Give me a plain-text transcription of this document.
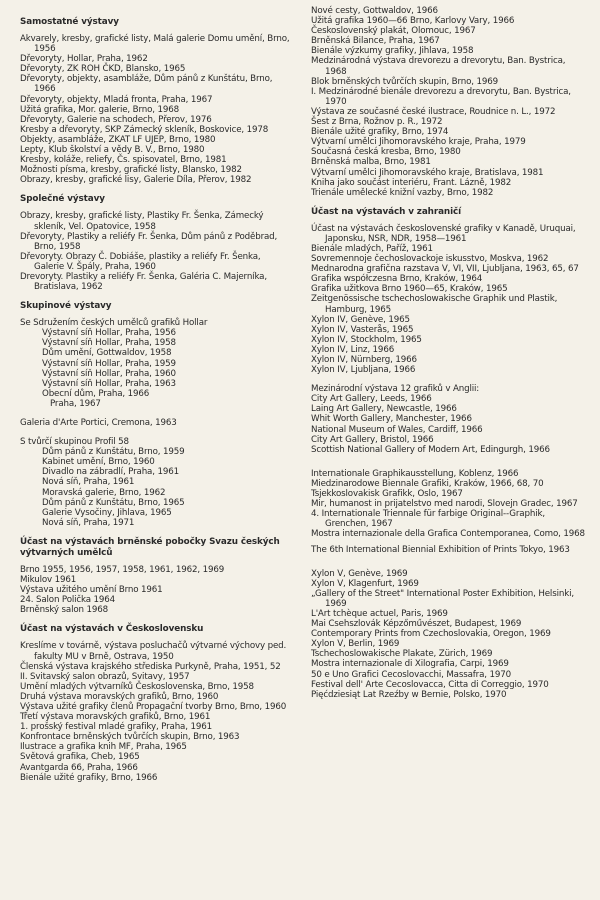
Samostatné výstavy
Akvarely, kresby, grafické listy, Malá galerie Domu umění, Brno, 1956
Dřevoryty, Hollar, Praha, 1962
Dřevoryty, ZK ROH ČKD, Blansko, 1965
Dřevoryty, objekty, asambláže, Dům pánů z Kunštátu, Brno, 1966
Dřevoryty, objekty, Mladá fronta, Praha, 1967
Užitá grafika, Mor. galerie, Brno, 1968
Dřevoryty, Galerie na schodech, Přerov, 1976
Kresby a dřevoryty, SKP Zámecký skleník, Boskovice, 1978
Objekty, asambláže, ZKAT LF UJEP, Brno, 1980
Lepty, Klub školství a vědy B. V., Brno, 1980
Kresby, koláže, reliefy, Čs. spisovatel, Brno, 1981
Možnosti písma, kresby, grafické listy, Blansko, 1982
Obrazy, kresby, grafické lisy, Galerie Díla, Přerov, 1982
Společné výstavy
Obrazy, kresby, grafické listy, Plastiky Fr. Šenka, Zámecký skleník, Vel. Opatovice, 1958
Dřevoryty, Plastiky a reliéfy Fr. Šenka, Dům pánů z Poděbrad, Brno, 1958
Dřevoryty. Obrazy Č. Dobiáše, plastiky a reliéfy Fr. Šenka, Galerie V. Špály, Praha, 1960
Drevoryty. Plastiky a reliéfy Fr. Šenka, Galéria C. Majerníka, Bratislava, 1962
Skupinové výstavy
Se Sdružením českých umělců grafiků Hollar
Výstavní síň Hollar, Praha, 1956
Výstavní síň Hollar, Praha, 1958
Dům umění, Gottwaldov, 1958
Výstavní síň Hollar, Praha, 1959
Výstavní síň Hollar, Praha, 1960
Výstavní síň Hollar, Praha, 1963
Obecní dům, Praha, 1966
Praha, 1967
Galeria d'Arte Portici, Cremona, 1963
S tvůrčí skupinou Profil 58
Dům pánů z Kunštátu, Brno, 1959
Kabinet umění, Brno, 1960
Divadlo na zábradlí, Praha, 1961
Nová síň, Praha, 1961
Moravská galerie, Brno, 1962
Dům pánů z Kunštátu, Brno, 1965
Galerie Vysočiny, Jihlava, 1965
Nová síň, Praha, 1971
Účast na výstavách brněnské pobočky Svazu českých výtvarných umělců
Brno 1955, 1956, 1957, 1958, 1961, 1962, 1969
Mikulov 1961
Výstava užitého umění Brno 1961
24. Salon Polička 1964
Brněnský salon 1968
Účast na výstavách v Československu
Kreslíme v továrně, výstava posluchačů výtvarné výchovy ped. fakulty MU v Brně, Ostrava, 1950
Členská výstava krajského střediska Purkyně, Praha, 1951, 52
II. Svitavský salon obrazů, Svitavy, 1957
Umění mladých výtvarníků Československa, Brno, 1958
Druhá výstava moravských grafiků, Brno, 1960
Výstava užité grafiky členů Propagační tvorby Brno, Brno, 1960
Třetí výstava moravských grafiků, Brno, 1961
1. prošský festival mladé grafiky, Praha, 1961
Konfrontace brněnských tvůrčích skupin, Brno, 1963
Ilustrace a grafika knih MF, Praha, 1965
Světová grafika, Cheb, 1965
Avantgarda 66, Praha, 1966
Bienále užité grafiky, Brno, 1966
Nové cesty, Gottwaldov, 1966
Užitá grafika 1960—66 Brno, Karlovy Vary, 1966
Československý plakát, Olomouc, 1967
Brněnská Bilance, Praha, 1967
Bienále výzkumy grafiky, Jihlava, 1958
Medzinárodná výstava drevorezu a drevorytu, Ban. Bystrica, 1968
Blok brněnských tvůrčích skupin, Brno, 1969
I. Medzinárodné bienále drevorezu a drevorytu, Ban. Bystrica, 1970
Výstava ze současné české ilustrace, Roudnice n. L., 1972
Šest z Brna, Rožnov p. R., 1972
Bienále užité grafiky, Brno, 1974
Výtvarní umělci Jihomoravského kraje, Praha, 1979
Současná česká kresba, Brno, 1980
Brněnská malba, Brno, 1981
Výtvarní umělci Jihomoravského kraje, Bratislava, 1981
Kniha jako součást interiéru, Frant. Lázně, 1982
Trienále umělecké knižní vazby, Brno, 1982
Účast na výstavách v zahraničí
Účast na výstavách československé grafiky v Kanadě, Uruquai, Japonsku, NSR, NDR, 1958—1961
Bienále mladých, Paříž, 1961
Sovremennoje čechoslovackoje iskusstvo, Moskva, 1962
Mednarodna grafična razstava V, VI, VII, Ljubljana, 1963, 65, 67
Grafika współczesna Brno, Kraków, 1964
Grafika užitkova Brno 1960—65, Kraków, 1965
Zeitgenössische tschechoslowakische Graphik und Plastik, Hamburg, 1965
Xylon IV, Genève, 1965
Xylon IV, Vasterås, 1965
Xylon IV, Stockholm, 1965
Xylon IV, Linz, 1966
Xylon IV, Nürnberg, 1966
Xylon IV, Ljubljana, 1966
Mezinárodní výstava 12 grafiků v Anglii:
City Art Gallery, Leeds, 1966
Laing Art Gallery, Newcastle, 1966
Whit Worth Gallery, Manchester, 1966
National Museum of Wales, Cardiff, 1966
City Art Gallery, Bristol, 1966
Scottish National Gallery of Modern Art, Edingurgh, 1966
Internationale Graphikausstellung, Koblenz, 1966
Miedzinarodowe Biennale Grafiki, Kraków, 1966, 68, 70
Tsjekkoslovakisk Grafikk, Oslo, 1967
Mir, humanost in prijatelstvo med narodi, Slovejn Gradec, 1967
4. Internationale Triennale für farbige Original--Graphik, Grenchen, 1967
Mostra internazionale della Grafica Contemporanea, Como, 1968
The 6th International Biennial Exhibition of Prints Tokyo, 1963
Xylon V, Genève, 1969
Xylon V, Klagenfurt, 1969
„Gallery of the Street" International Poster Exhibition, Helsinki, 1969
L'Art tchèque actuel, Paris, 1969
Mai Csehszlovák Képzőművészet, Budapest, 1969
Contemporary Prints from Czechoslovakia, Oregon, 1969
Xylon V, Berlin, 1969
Tschechoslowakische Plakate, Zürich, 1969
Mostra internazionale di Xilografia, Carpi, 1969
50 e Uno Grafici Cecoslovacchi, Massafra, 1970
Festival dell' Arte Cecoslovacca, Citta di Correggio, 1970
Pięćdziesiąt Lat Rzeźby w Bernie, Polsko, 1970
